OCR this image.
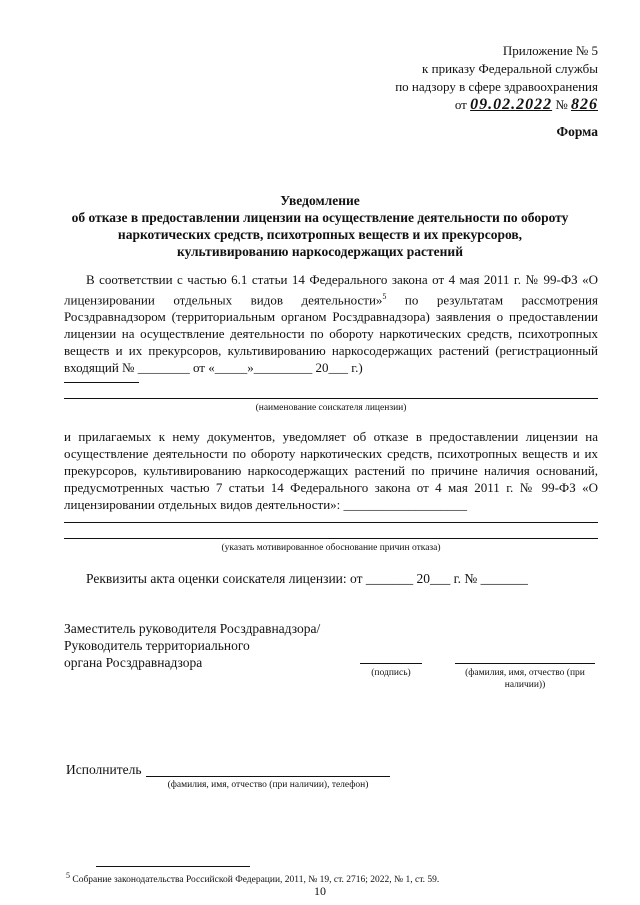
Приложение № 5
к приказу Федеральной службы
по надзору в сфере здравоохранения
от 09.02.2022 № 826
Форма
Уведомление
об отказе в предоставлении лицензии на осуществление деятельности по обороту
наркотических средств, психотропных веществ и их прекурсоров,
культивированию наркосодержащих растений
В соответствии с частью 6.1 статьи 14 Федерального закона от 4 мая 2011 г. № 99-ФЗ «О лицензировании отдельных видов деятельности»$^5$ по результатам рассмотрения Росздравнадзором (территориальным органом Росздравнадзора) заявления о предоставлении лицензии на осуществление деятельности по обороту наркотических средств, психотропных веществ и их прекурсоров, культивированию наркосодержащих растений (регистрационный входящий № ________ от «_____»_________ 20___ г.)
(наименование соискателя лицензии)
и прилагаемых к нему документов, уведомляет об отказе в предоставлении лицензии на осуществление деятельности по обороту наркотических средств, психотропных веществ и их прекурсоров, культивированию наркосодержащих растений по причине наличия оснований, предусмотренных частью 7 статьи 14 Федерального закона от 4 мая 2011 г. № 99-ФЗ «О лицензировании отдельных видов деятельности»: ___________________
(указать мотивированное обоснование причин отказа)
Реквизиты акта оценки соискателя лицензии: от _______ 20___ г. № _______
Заместитель руководителя Росздравнадзора/
Руководитель территориального
органа Росздравнадзора
(подпись)	(фамилия, имя, отчество (при
наличии))
Исполнитель
(фамилия, имя, отчество (при наличии), телефон)
$^5$ Собрание законодательства Российской Федерации, 2011, № 19, ст. 2716; 2022, № 1, ст. 59.
10
